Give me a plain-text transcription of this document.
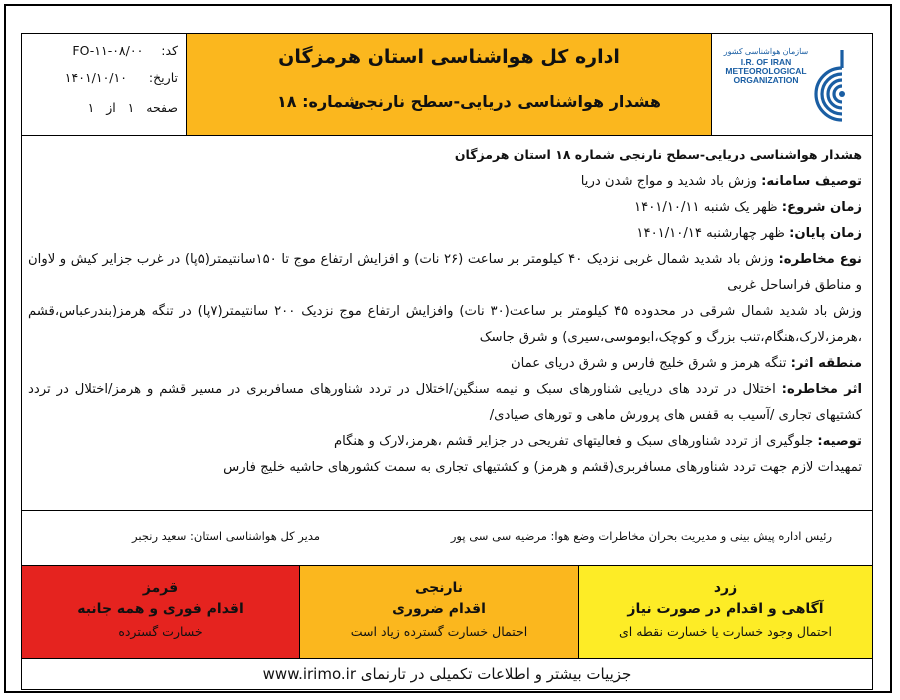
کد:  FO-۱۱-۰۸/۰۰
تاریخ:  ۱۴۰۱/۱۰/۱۰
صفحه   ۱   از   ۱
اداره کل هواشناسی استان هرمزگان
هشدار هواشناسی دریایی-سطح نارنجی
شماره: ۱۸
سازمان هواشناسی کشور
I.R. OF IRAN
METEOROLOGICAL
ORGANIZATION

هشدار هواشناسی دریایی-سطح نارنجی شماره ۱۸ استان هرمزگان

توصیف سامانه: وزش باد شدید و مواج شدن دریا

زمان شروع: ظهر یک شنبه ۱۴۰۱/۱۰/۱۱

زمان پایان: ظهر چهارشنبه ۱۴۰۱/۱۰/۱۴

نوع مخاطره: وزش باد شدید شمال غربی نزدیک ۴۰ کیلومتر بر ساعت (۲۶ نات) و افزایش ارتفاع موج تا ۱۵۰سانتیمتر(۵پا) در غرب جزایر کیش و لاوان و مناطق فراساحل غربی

وزش باد شدید شمال شرقی در محدوده ۴۵ کیلومتر بر ساعت(۳۰ نات) وافزایش ارتفاع موج نزدیک ۲۰۰ سانتیمتر(۷پا) در تنگه هرمز(بندرعباس،قشم ،هرمز،لارک،هنگام،تنب بزرگ و کوچک،ابوموسی،سیری) و شرق جاسک

منطقه اثر: تنگه هرمز و شرق خلیج فارس و شرق دریای عمان

اثر مخاطره: اختلال در تردد های دریایی شناورهای سبک و نیمه سنگین/اختلال در تردد شناورهای مسافربری در مسیر قشم و هرمز/اختلال در تردد کشتیهای تجاری /آسیب به قفس های پرورش ماهی و تورهای صیادی/

توصیه: جلوگیری از تردد شناورهای سبک و فعالیتهای تفریحی در جزایر قشم ،هرمز،لارک و هنگام

تمهیدات لازم جهت تردد شناورهای مسافربری(قشم و هرمز) و کشتیهای تجاری به سمت کشورهای حاشیه خلیج فارس

رئیس اداره پیش بینی و مدیریت بحران مخاطرات وضع هوا: مرضیه سی سی پور
مدیر کل هواشناسی استان: سعید رنجبر
زرد
آگاهی و اقدام در صورت نیاز
احتمال وجود خسارت یا خسارت نقطه ای
نارنجی
اقدام ضروری
احتمال خسارت گسترده زیاد است
قرمز
اقدام فوری و همه جانبه
خسارت گسترده
جزییات بیشتر و اطلاعات تکمیلی در تارنمای www.irimo.ir
